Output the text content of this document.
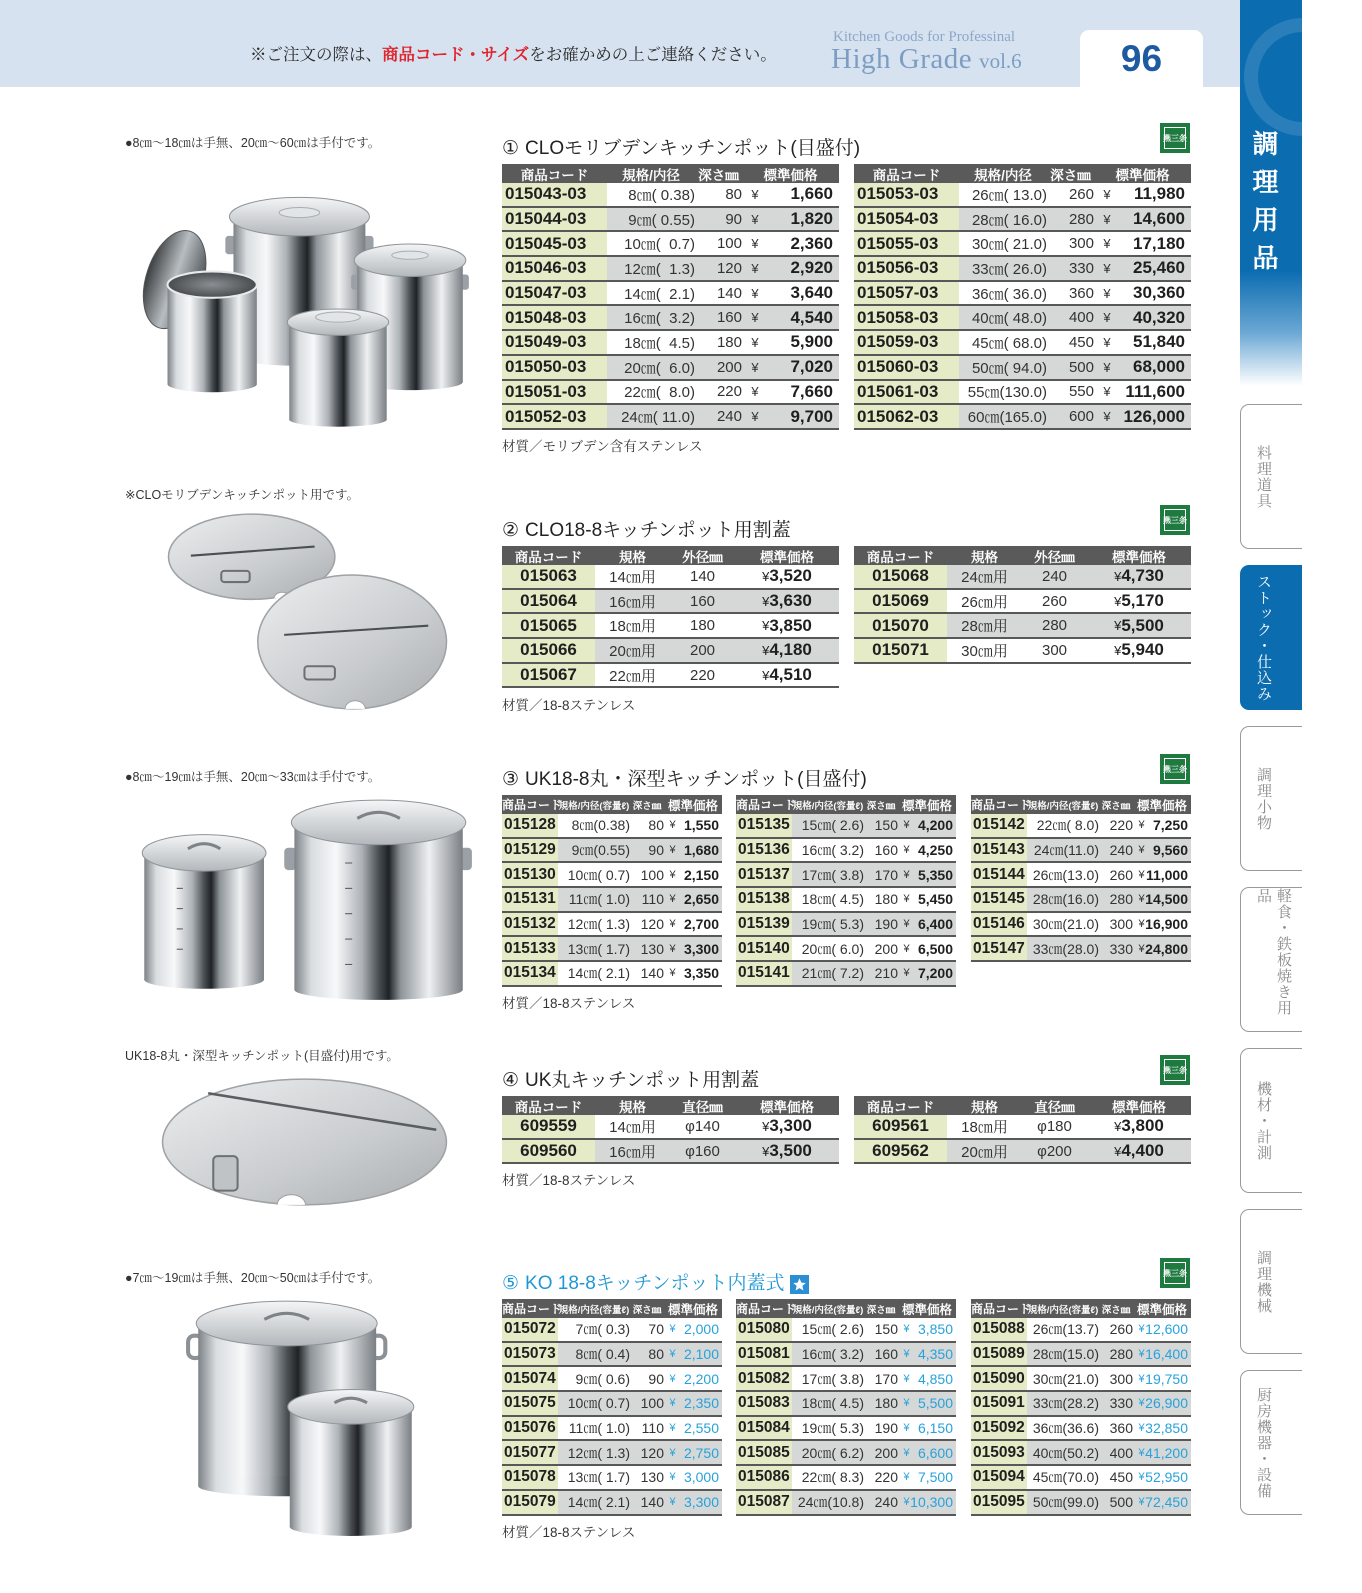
※ご注文の際は、商品コード・サイズをお確かめの上ご連絡ください。
Kitchen Goods for Professinal
High Grade vol.6	96
調理用品
料理道具
ストック・仕込み
調理小物
軽食・鉄板焼き用品
機材・計測
調理機械
厨房機器・設備
●8㎝～18㎝は手無、20㎝～60㎝は手付です。
※CLOモリブデンキッチンポット用です。
●8㎝～19㎝は手無、20㎝～33㎝は手付です。
UK18-8丸・深型キッチンポット(目盛付)用です。
●7㎝～19㎝は手無、20㎝～50㎝は手付です。
① CLOモリブデンキッチンポット(目盛付)	燕三条
材質／モリブデン含有ステンレス
商品コード	規格/内径	深さ㎜	標準価格
015043-03	8㎝( 0.38)	80 ¥	1,660
015044-03	9㎝( 0.55)	90 ¥	1,820
015045-03	10㎝(  0.7)	100 ¥	2,360
015046-03	12㎝(  1.3)	120 ¥	2,920
015047-03	14㎝(  2.1)	140 ¥	3,640
015048-03	16㎝(  3.2)	160 ¥	4,540
015049-03	18㎝(  4.5)	180 ¥	5,900
015050-03	20㎝(  6.0)	200 ¥	7,020
015051-03	22㎝(  8.0)	220 ¥	7,660
015052-03	24㎝( 11.0)	240 ¥	9,700
商品コード	規格/内径	深さ㎜	標準価格
015053-03	26㎝( 13.0)	260 ¥	11,980
015054-03	28㎝( 16.0)	280 ¥	14,600
015055-03	30㎝( 21.0)	300 ¥	17,180
015056-03	33㎝( 26.0)	330 ¥	25,460
015057-03	36㎝( 36.0)	360 ¥	30,360
015058-03	40㎝( 48.0)	400 ¥	40,320
015059-03	45㎝( 68.0)	450 ¥	51,840
015060-03	50㎝( 94.0)	500 ¥	68,000
015061-03	55㎝(130.0)	550 ¥ 111,600
015062-03	60㎝(165.0)	600 ¥ 126,000
② CLO18-8キッチンポット用割蓋	燕三条
材質／18-8ステンレス
商品コード	規格	外径㎜	標準価格
015063	14㎝用	140	¥ 3,520
015064	16㎝用	160	¥ 3,630
015065	18㎝用	180	¥ 3,850
015066	20㎝用	200	¥ 4,180
015067	22㎝用	220	¥ 4,510
商品コード	規格	外径㎜	標準価格
015068	24㎝用	240	¥ 4,730
015069	26㎝用	260	¥ 5,170
015070	28㎝用	280	¥ 5,500
015071	30㎝用	300	¥ 5,940
③ UK18-8丸・深型キッチンポット(目盛付)	燕三条
材質／18-8ステンレス
商品コード
規格/内径(容量ℓ) 深さ㎜ 標準価格
015128	8㎝(0.38)	80 ¥ 1,550
015129	9㎝(0.55)	90 ¥ 1,680
015130 10㎝( 0.7) 100 ¥ 2,150
015131 11㎝( 1.0) 110 ¥ 2,650
015132 12㎝( 1.3) 120 ¥ 2,700
015133 13㎝( 1.7) 130 ¥ 3,300
015134 14㎝( 2.1) 140 ¥ 3,350
商品コード
規格/内径(容量ℓ) 深さ㎜ 標準価格
015135 15㎝( 2.6) 150 ¥ 4,200
015136 16㎝( 3.2) 160 ¥ 4,250
015137 17㎝( 3.8) 170 ¥ 5,350
015138 18㎝( 4.5) 180 ¥ 5,450
015139 19㎝( 5.3) 190 ¥ 6,400
015140 20㎝( 6.0) 200 ¥ 6,500
015141 21㎝( 7.2) 210 ¥ 7,200
商品コード
規格/内径(容量ℓ) 深さ㎜ 標準価格
015142 22㎝( 8.0) 220 ¥ 7,250
015143 24㎝(11.0) 240 ¥ 9,560
015144 26㎝(13.0) 260 ¥ 11,000
015145 28㎝(16.0) 280 ¥ 14,500
015146 30㎝(21.0) 300 ¥ 16,900
015147 33㎝(28.0) 330 ¥ 24,800
④ UK丸キッチンポット用割蓋	燕三条
材質／18-8ステンレス
商品コード	規格	直径㎜	標準価格
609559	14㎝用	φ140	¥ 3,300
609560	16㎝用	φ160	¥ 3,500
商品コード	規格	直径㎜	標準価格
609561	18㎝用	φ180	¥ 3,800
609562	20㎝用	φ200	¥ 4,400
⑤ KO 18-8キッチンポット内蓋式	燕三条
材質／18-8ステンレス
商品コード
規格/内径(容量ℓ) 深さ㎜ 標準価格
015072	7㎝( 0.3)	70 ¥ 2,000
015073	8㎝( 0.4)	80 ¥ 2,100
015074	9㎝( 0.6)	90 ¥ 2,200
015075 10㎝( 0.7) 100 ¥ 2,350
015076 11㎝( 1.0) 110 ¥ 2,550
015077 12㎝( 1.3) 120 ¥ 2,750
015078 13㎝( 1.7) 130 ¥ 3,000
015079 14㎝( 2.1) 140 ¥ 3,300
商品コード
規格/内径(容量ℓ) 深さ㎜ 標準価格
015080 15㎝( 2.6) 150 ¥ 3,850
015081 16㎝( 3.2) 160 ¥ 4,350
015082 17㎝( 3.8) 170 ¥ 4,850
015083 18㎝( 4.5) 180 ¥ 5,500
015084 19㎝( 5.3) 190 ¥ 6,150
015085 20㎝( 6.2) 200 ¥ 6,600
015086 22㎝( 8.3) 220 ¥ 7,500
015087 24㎝(10.8) 240 ¥ 10,300
商品コード
規格/内径(容量ℓ) 深さ㎜ 標準価格
015088 26㎝(13.7) 260 ¥ 12,600
015089 28㎝(15.0) 280 ¥ 16,400
015090 30㎝(21.0) 300 ¥ 19,750
015091 33㎝(28.2) 330 ¥ 26,900
015092 36㎝(36.6) 360 ¥ 32,850
015093 40㎝(50.2) 400 ¥ 41,200
015094 45㎝(70.0) 450 ¥ 52,950
015095 50㎝(99.0) 500 ¥ 72,450
